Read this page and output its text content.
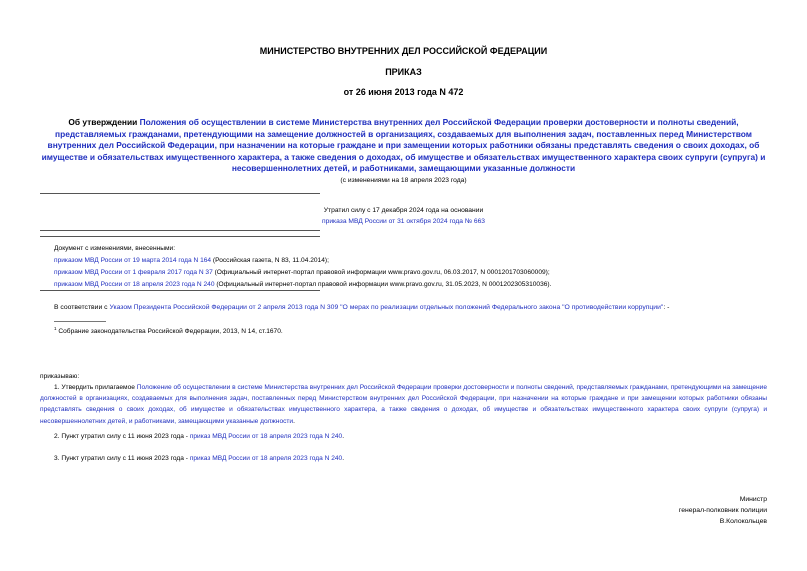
МИНИСТЕРСТВО ВНУТРЕННИХ ДЕЛ РОССИЙСКОЙ ФЕДЕРАЦИИ
ПРИКАЗ
от 26 июня 2013 года N 472
Об утверждении Положения об осуществлении в системе Министерства внутренних дел Российской Федерации проверки достоверности и полноты сведений, представляемых гражданами, претендующими на замещение должностей в организациях, создаваемых для выполнения задач, поставленных перед Министерством внутренних дел Российской Федерации, при назначении на которые граждане и при замещении которых работники обязаны представлять сведения о своих доходах, об имуществе и обязательствах имущественного характера, а также сведения о доходах, об имуществе и обязательствах имущественного характера своих супруги (супруга) и несовершеннолетних детей, и работниками, замещающими указанные должности
(с изменениями на 18 апреля 2023 года)
Утратил силу с 17 декабря 2024 года на основании
приказа МВД России от 31 октября 2024 года № 663
Документ с изменениями, внесенными:
приказом МВД России от 19 марта 2014 года N 164 (Российская газета, N 83, 11.04.2014);
приказом МВД России от 1 февраля 2017 года N 37 (Официальный интернет-портал правовой информации www.pravo.gov.ru, 06.03.2017, N 0001201703060009);
приказом МВД России от 18 апреля 2023 года N 240 (Официальный интернет-портал правовой информации www.pravo.gov.ru, 31.05.2023, N 0001202305310036).
В соответствии с Указом Президента Российской Федерации от 2 апреля 2013 года N 309 "О мерах по реализации отдельных положений Федерального закона "О противодействии коррупции": -
$^1$ Собрание законодательства Российской Федерации, 2013, N 14, ст.1670.
приказываю:
1. Утвердить прилагаемое Положение об осуществлении в системе Министерства внутренних дел Российской Федерации проверки достоверности и полноты сведений, представляемых гражданами, претендующими на замещение должностей в организациях, создаваемых для выполнения задач, поставленных перед Министерством внутренних дел Российской Федерации, при назначении на которые граждане и при замещении которых работники обязаны представлять сведения о своих доходах, об имуществе и обязательствах имущественного характера, а также сведения о доходах, об имуществе и обязательствах имущественного характера своих супруги (супруга) и несовершеннолетних детей, и работниками, замещающими указанные должности.
2. Пункт утратил силу с 11 июня 2023 года - приказ МВД России от 18 апреля 2023 года N 240.
3. Пункт утратил силу с 11 июня 2023 года - приказ МВД России от 18 апреля 2023 года N 240.
Министр
генерал-полковник полиции
В.Колокольцев
